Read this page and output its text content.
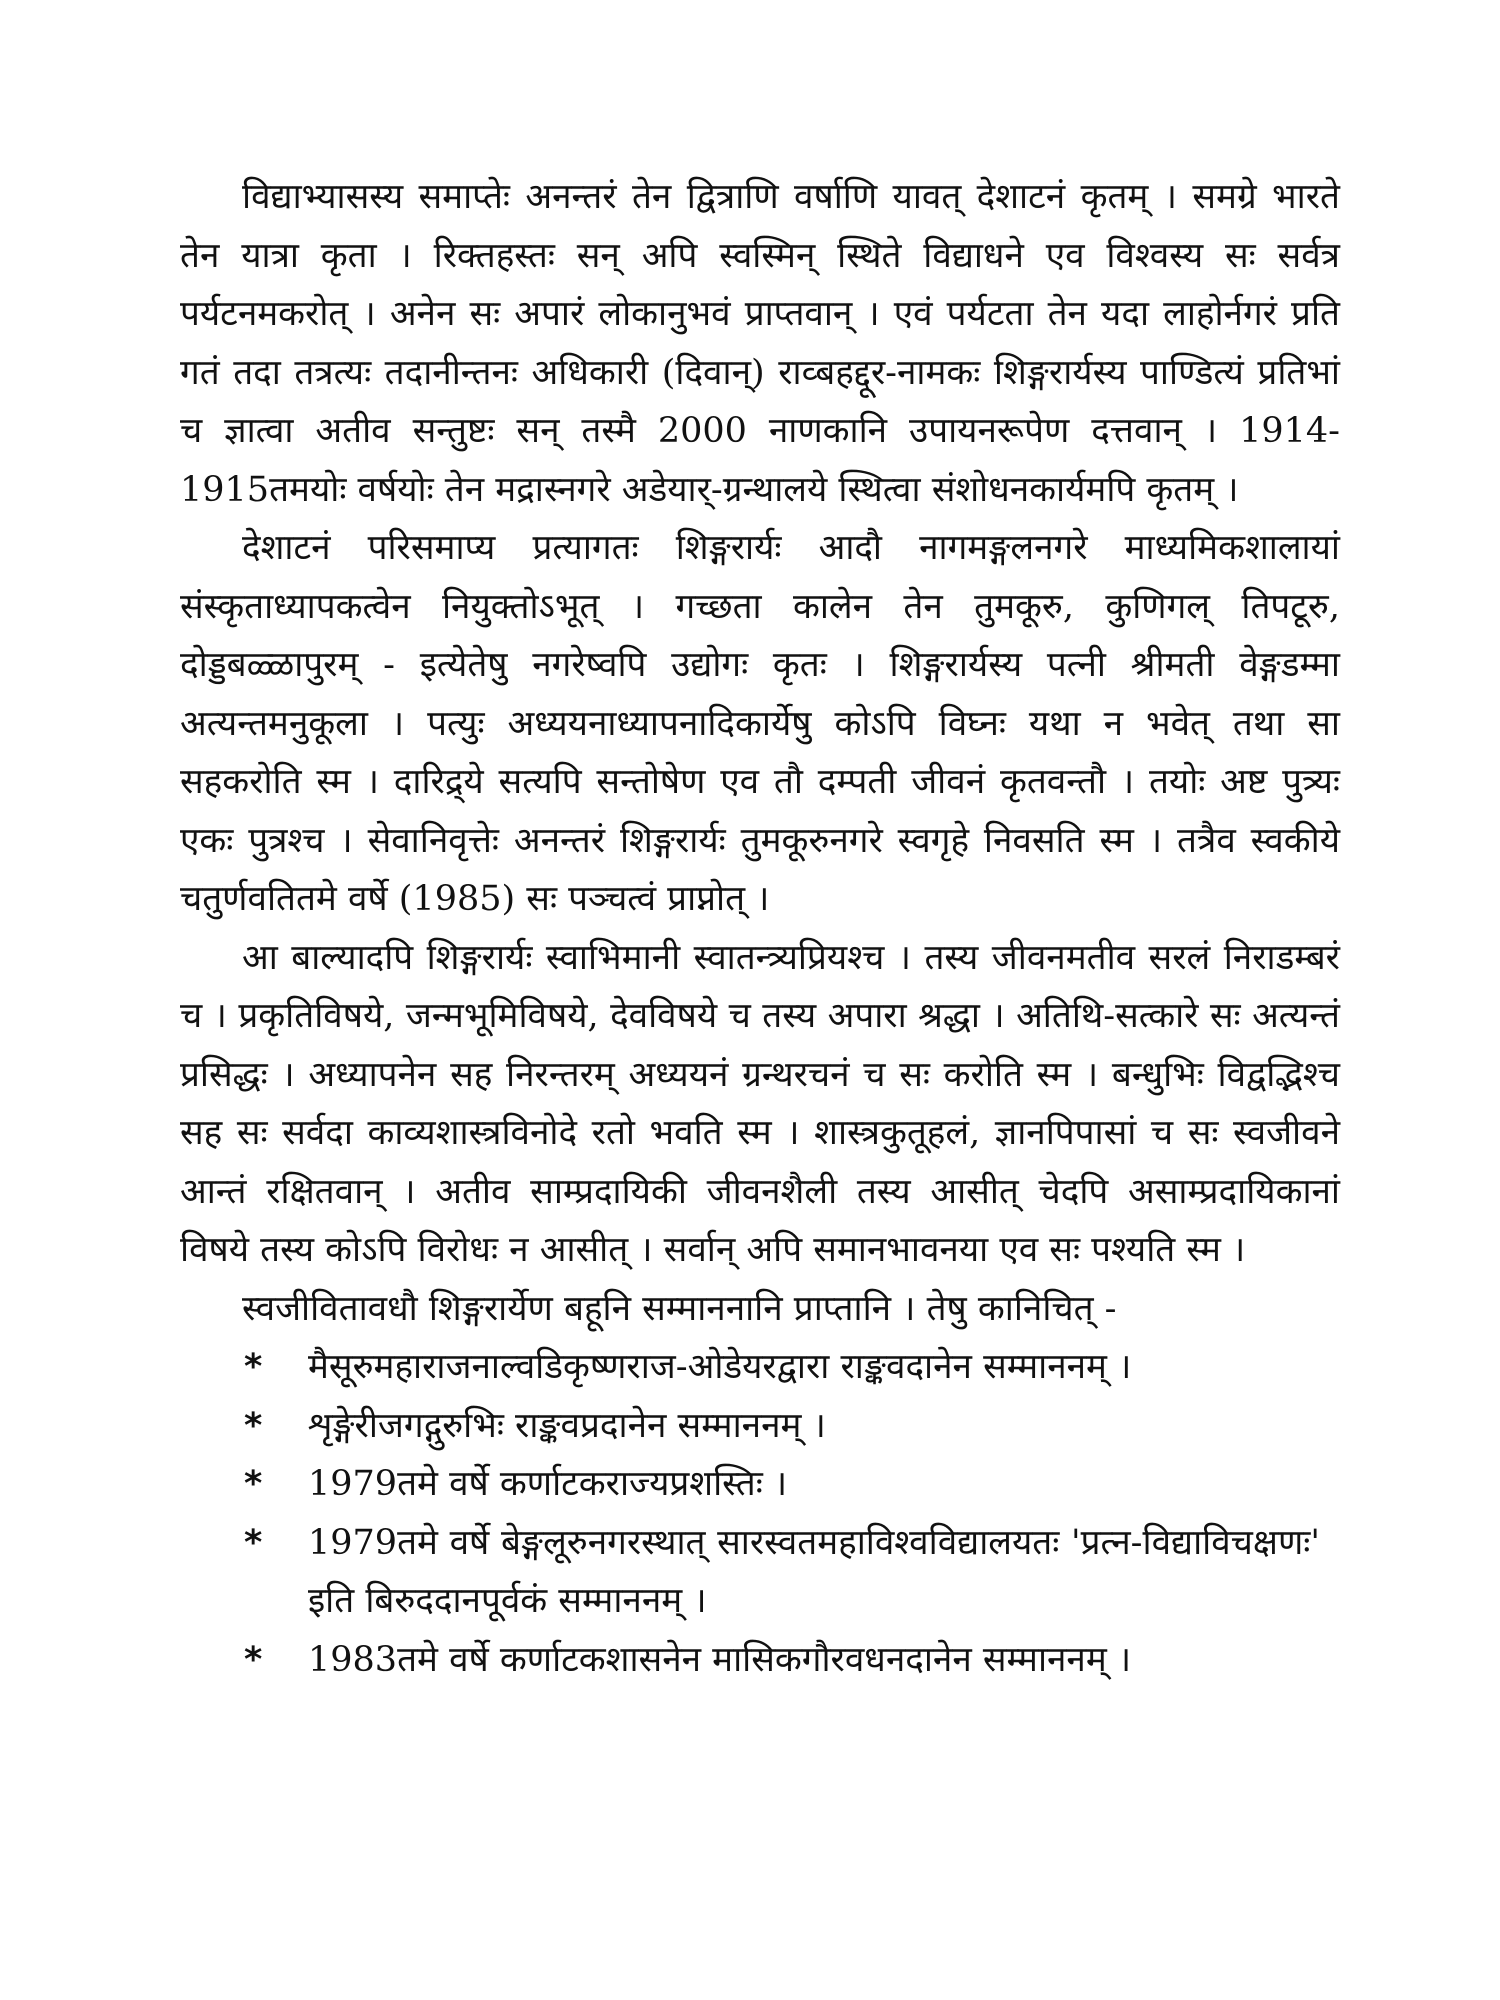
विद्याभ्यासस्य समाप्तेः अनन्तरं तेन द्वित्राणि वर्षाणि यावत् देशाटनं कृतम् । समग्रे भारते तेन यात्रा कृता । रिक्तहस्तः सन् अपि स्वस्मिन् स्थिते विद्याधने एव विश्वस्य सः सर्वत्र पर्यटनमकरोत् । अनेन सः अपारं लोकानुभवं प्राप्तवान् । एवं पर्यटता तेन यदा लाहोर्नगरं प्रति गतं तदा तत्रत्यः तदानीन्तनः अधिकारी (दिवान्) राव्बहद्दूर-नामकः शिङ्गरार्यस्य पाण्डित्यं प्रतिभां च ज्ञात्वा अतीव सन्तुष्टः सन् तस्मै 2000 नाणकानि उपायनरूपेण दत्तवान् । 1914-1915तमयोः वर्षयोः तेन मद्रास्नगरे अडेयार्-ग्रन्थालये स्थित्वा संशोधनकार्यमपि कृतम् ।

देशाटनं परिसमाप्य प्रत्यागतः शिङ्गरार्यः आदौ नागमङ्गलनगरे माध्यमिकशालायां संस्कृताध्यापकत्वेन नियुक्तोऽभूत् । गच्छता कालेन तेन तुमकूरु, कुणिगल् तिपटूरु, दोड्डबळ्ळापुरम् - इत्येतेषु नगरेष्वपि उद्योगः कृतः । शिङ्गरार्यस्य पत्नी श्रीमती वेङ्गडम्मा अत्यन्तमनुकूला । पत्युः अध्ययनाध्यापनादिकार्येषु कोऽपि विघ्नः यथा न भवेत् तथा सा सहकरोति स्म । दारिद्र्ये सत्यपि सन्तोषेण एव तौ दम्पती जीवनं कृतवन्तौ । तयोः अष्ट पुत्र्यः एकः पुत्रश्च । सेवानिवृत्तेः अनन्तरं शिङ्गरार्यः तुमकूरुनगरे स्वगृहे निवसति स्म । तत्रैव स्वकीये चतुर्णवतितमे वर्षे (1985) सः पञ्चत्वं प्राप्नोत् ।

आ बाल्यादपि शिङ्गरार्यः स्वाभिमानी स्वातन्त्र्यप्रियश्च । तस्य जीवनमतीव सरलं निराडम्बरं च । प्रकृतिविषये, जन्मभूमिविषये, देवविषये च तस्य अपारा श्रद्धा । अतिथि-सत्कारे सः अत्यन्तं प्रसिद्धः । अध्यापनेन सह निरन्तरम् अध्ययनं ग्रन्थरचनं च सः करोति स्म । बन्धुभिः विद्वद्भिश्च सह सः सर्वदा काव्यशास्त्रविनोदे रतो भवति स्म । शास्त्रकुतूहलं, ज्ञानपिपासां च सः स्वजीवने आन्तं रक्षितवान् । अतीव साम्प्रदायिकी जीवनशैली तस्य आसीत् चेदपि असाम्प्रदायिकानां विषये तस्य कोऽपि विरोधः न आसीत् । सर्वान् अपि समानभावनया एव सः पश्यति स्म ।

स्वजीवितावधौ शिङ्गरार्येण बहूनि सम्माननानि प्राप्तानि । तेषु कानिचित् -

*	मैसूरुमहाराजनाल्वडिकृष्णराज-ओडेयरद्वारा राङ्कवदानेन सम्माननम् ।
*	शृङ्गेरीजगद्गुरुभिः राङ्कवप्रदानेन सम्माननम् ।
*	1979तमे वर्षे कर्णाटकराज्यप्रशस्तिः ।
*	1979तमे वर्षे बेङ्गलूरुनगरस्थात् सारस्वतमहाविश्वविद्यालयतः 'प्रत्न-विद्याविचक्षणः' इति बिरुददानपूर्वकं सम्माननम् ।
*	1983तमे वर्षे कर्णाटकशासनेन मासिकगौरवधनदानेन सम्माननम् ।
